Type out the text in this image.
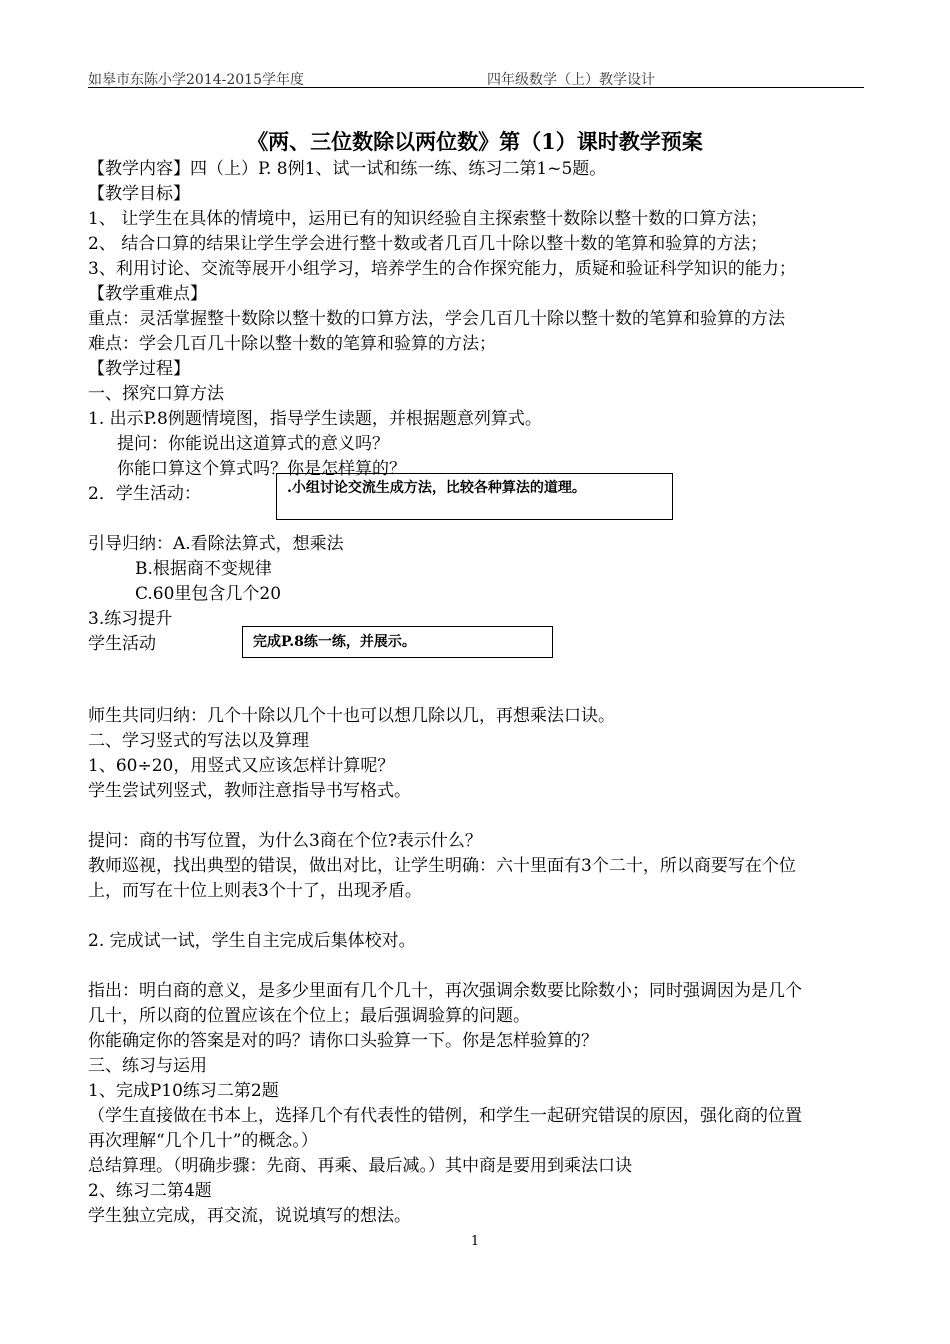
如皋市东陈小学2014-2015学年度	四年级数学（上）教学设计
《两、三位数除以两位数》第（1）课时教学预案
【教学内容】四（上）P. 8例1、试一试和练一练、练习二第1~5题。
【教学目标】
1、 让学生在具体的情境中，运用已有的知识经验自主探索整十数除以整十数的口算方法；
2、 结合口算的结果让学生学会进行整十数或者几百几十除以整十数的笔算和验算的方法；
3、利用讨论、交流等展开小组学习，培养学生的合作探究能力，质疑和验证科学知识的能力；
【教学重难点】
重点：灵活掌握整十数除以整十数的口算方法，学会几百几十除以整十数的笔算和验算的方法
难点：学会几百几十除以整十数的笔算和验算的方法；
【教学过程】
一、探究口算方法
1. 出示P.8例题情境图，指导学生读题，并根据题意列算式。
提问：你能说出这道算式的意义吗？
你能口算这个算式吗？你是怎样算的？
2．学生活动：	.小组讨论交流生成方法，比较各种算法的道理。
引导归纳：A.看除法算式，想乘法
B.根据商不变规律
C.60里包含几个20
3.练习提升
学生活动	完成P.8练一练，并展示。
师生共同归纳：几个十除以几个十也可以想几除以几，再想乘法口诀。
二、学习竖式的写法以及算理
1、60÷20，用竖式又应该怎样计算呢？
学生尝试列竖式，教师注意指导书写格式。
提问：商的书写位置，为什么3商在个位?表示什么？
教师巡视，找出典型的错误，做出对比，让学生明确：六十里面有3个二十，所以商要写在个位
上，而写在十位上则表3个十了，出现矛盾。
2. 完成试一试，学生自主完成后集体校对。
指出：明白商的意义，是多少里面有几个几十，再次强调余数要比除数小；同时强调因为是几个
几十，所以商的位置应该在个位上；最后强调验算的问题。
你能确定你的答案是对的吗？请你口头验算一下。你是怎样验算的？
三、练习与运用
1、完成P10练习二第2题
（学生直接做在书本上，选择几个有代表性的错例，和学生一起研究错误的原因，强化商的位置
再次理解“几个几十”的概念。）
总结算理。（明确步骤：先商、再乘、最后减。）其中商是要用到乘法口诀
2、练习二第4题
学生独立完成，再交流，说说填写的想法。
1
